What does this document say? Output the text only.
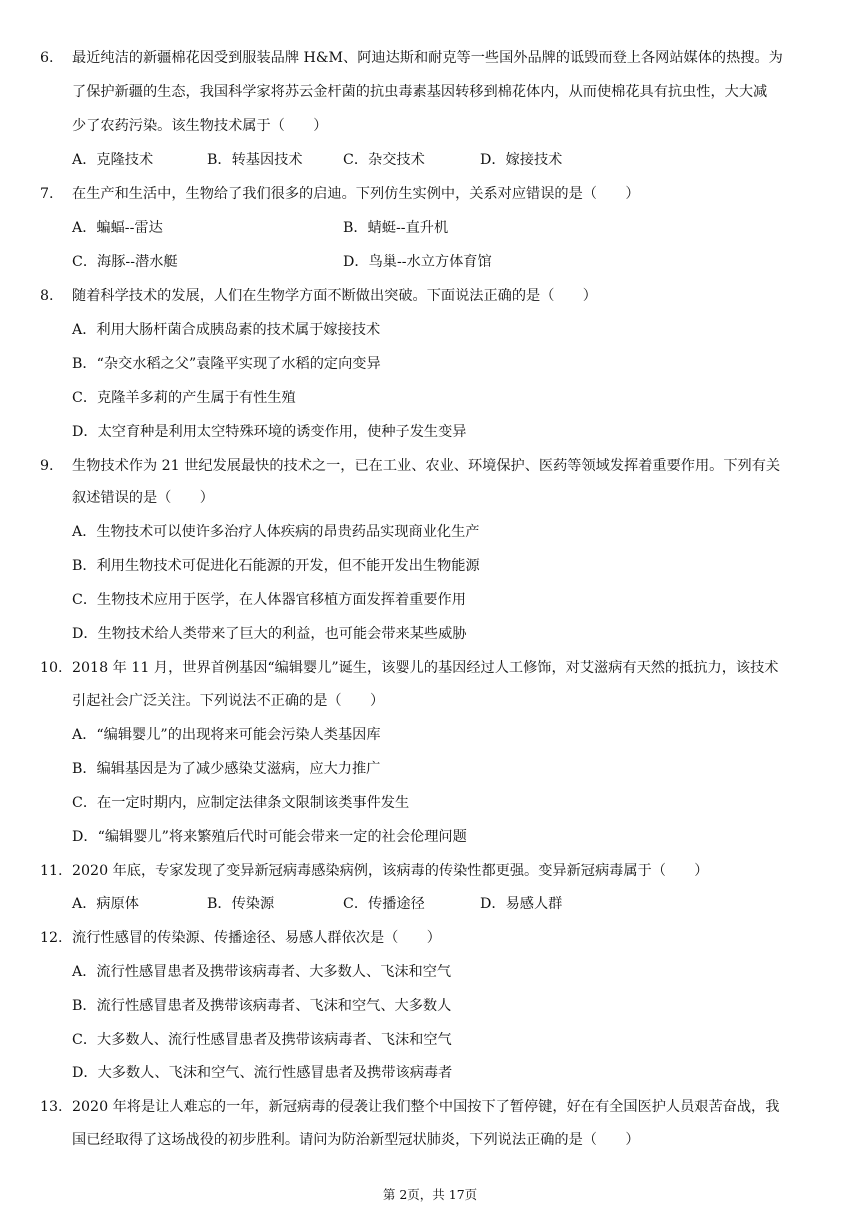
6. 最近纯洁的新疆棉花因受到服装品牌 H&M、阿迪达斯和耐克等一些国外品牌的诋毁而登上各网站媒体的热搜。为
了保护新疆的生态，我国科学家将苏云金杆菌的抗虫毒素基因转移到棉花体内，从而使棉花具有抗虫性，大大减
少了农药污染。该生物技术属于（　　）
A．克隆技术	B．转基因技术	C．杂交技术	D．嫁接技术
7. 在生产和生活中，生物给了我们很多的启迪。下列仿生实例中，关系对应错误的是（　　）
A．蝙蝠--雷达	B．蜻蜓--直升机
C．海豚--潜水艇	D．鸟巢--水立方体育馆
8. 随着科学技术的发展，人们在生物学方面不断做出突破。下面说法正确的是（　　）
A．利用大肠杆菌合成胰岛素的技术属于嫁接技术
B．“杂交水稻之父”袁隆平实现了水稻的定向变异
C．克隆羊多莉的产生属于有性生殖
D．太空育种是利用太空特殊环境的诱变作用，使种子发生变异
9. 生物技术作为 21 世纪发展最快的技术之一，已在工业、农业、环境保护、医药等领域发挥着重要作用。下列有关
叙述错误的是（　　）
A．生物技术可以使许多治疗人体疾病的昂贵药品实现商业化生产
B．利用生物技术可促进化石能源的开发，但不能开发出生物能源
C．生物技术应用于医学，在人体器官移植方面发挥着重要作用
D．生物技术给人类带来了巨大的利益，也可能会带来某些威胁
10. 2018 年 11 月，世界首例基因“编辑婴儿”诞生，该婴儿的基因经过人工修饰，对艾滋病有天然的抵抗力，该技术
引起社会广泛关注。下列说法不正确的是（　　）
A．“编辑婴儿”的出现将来可能会污染人类基因库
B．编辑基因是为了减少感染艾滋病，应大力推广
C．在一定时期内，应制定法律条文限制该类事件发生
D．“编辑婴儿”将来繁殖后代时可能会带来一定的社会伦理问题
11. 2020 年底，专家发现了变异新冠病毒感染病例，该病毒的传染性都更强。变异新冠病毒属于（　　）
A．病原体	B．传染源	C．传播途径	D．易感人群
12. 流行性感冒的传染源、传播途径、易感人群依次是（　　）
A．流行性感冒患者及携带该病毒者、大多数人、飞沫和空气
B．流行性感冒患者及携带该病毒者、飞沫和空气、大多数人
C．大多数人、流行性感冒患者及携带该病毒者、飞沫和空气
D．大多数人、飞沫和空气、流行性感冒患者及携带该病毒者
13. 2020 年将是让人难忘的一年，新冠病毒的侵袭让我们整个中国按下了暂停键，好在有全国医护人员艰苦奋战，我
国已经取得了这场战役的初步胜利。请问为防治新型冠状肺炎，下列说法正确的是（　　）
第 2页，共 17页
